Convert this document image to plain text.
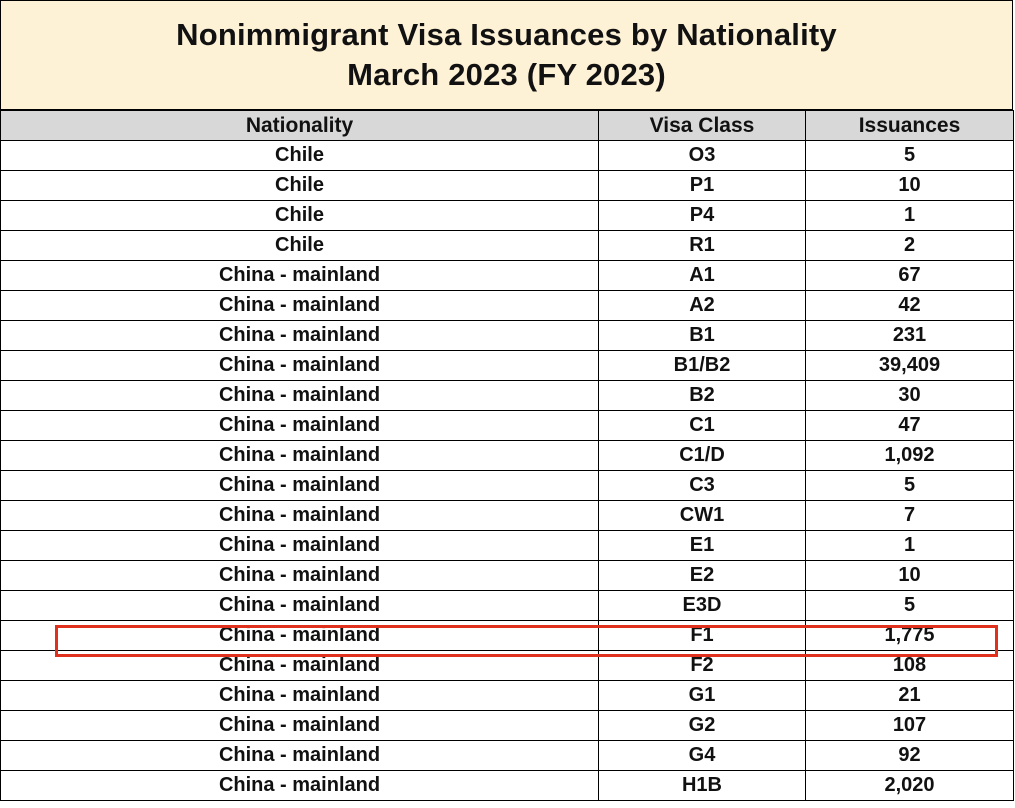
Nonimmigrant Visa Issuances by Nationality
March 2023 (FY 2023)
Nationality	Visa Class	Issuances
Chile	O3	5
Chile	P1	10
Chile	P4	1
Chile	R1	2
China - mainland	A1	67
China - mainland	A2	42
China - mainland	B1	231
China - mainland	B1/B2	39,409
China - mainland	B2	30
China - mainland	C1	47
China - mainland	C1/D	1,092
China - mainland	C3	5
China - mainland	CW1	7
China - mainland	E1	1
China - mainland	E2	10
China - mainland	E3D	5
China - mainland	F1	1,775
China - mainland	F2	108
China - mainland	G1	21
China - mainland	G2	107
China - mainland	G4	92
China - mainland	H1B	2,020
